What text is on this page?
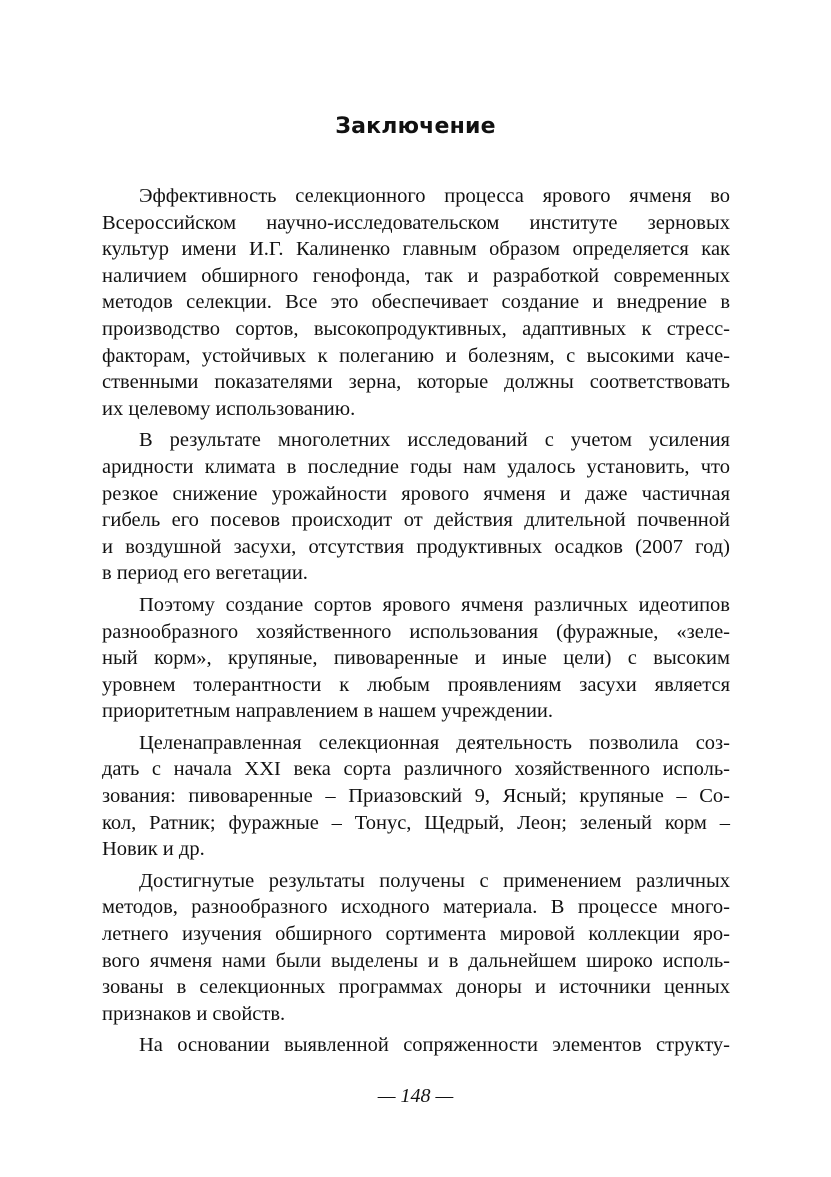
Заключение
Эффективность селекционного процесса ярового ячменя во
Всероссийском научно-исследовательском институте зерновых
культур имени И.Г. Калиненко главным образом определяется как
наличием обширного генофонда, так и разработкой современных
методов селекции. Все это обеспечивает создание и внедрение в
производство сортов, высокопродуктивных, адаптивных к стресс-
факторам, устойчивых к полеганию и болезням, с высокими каче-
ственными показателями зерна, которые должны соответствовать
их целевому использованию.
В результате многолетних исследований с учетом усиления
аридности климата в последние годы нам удалось установить, что
резкое снижение урожайности ярового ячменя и даже частичная
гибель его посевов происходит от действия длительной почвенной
и воздушной засухи, отсутствия продуктивных осадков (2007 год)
в период его вегетации.
Поэтому создание сортов ярового ячменя различных идеотипов
разнообразного хозяйственного использования (фуражные, «зеле-
ный корм», крупяные, пивоваренные и иные цели) с высоким
уровнем толерантности к любым проявлениям засухи является
приоритетным направлением в нашем учреждении.
Целенаправленная селекционная деятельность позволила соз-
дать с начала XXI века сорта различного хозяйственного исполь-
зования: пивоваренные – Приазовский 9, Ясный; крупяные – Со-
кол, Ратник; фуражные – Тонус, Щедрый, Леон; зеленый корм –
Новик и др.
Достигнутые результаты получены с применением различных
методов, разнообразного исходного материала. В процессе много-
летнего изучения обширного сортимента мировой коллекции яро-
вого ячменя нами были выделены и в дальнейшем широко исполь-
зованы в селекционных программах доноры и источники ценных
признаков и свойств.
На основании выявленной сопряженности элементов структу-
— 148 —
